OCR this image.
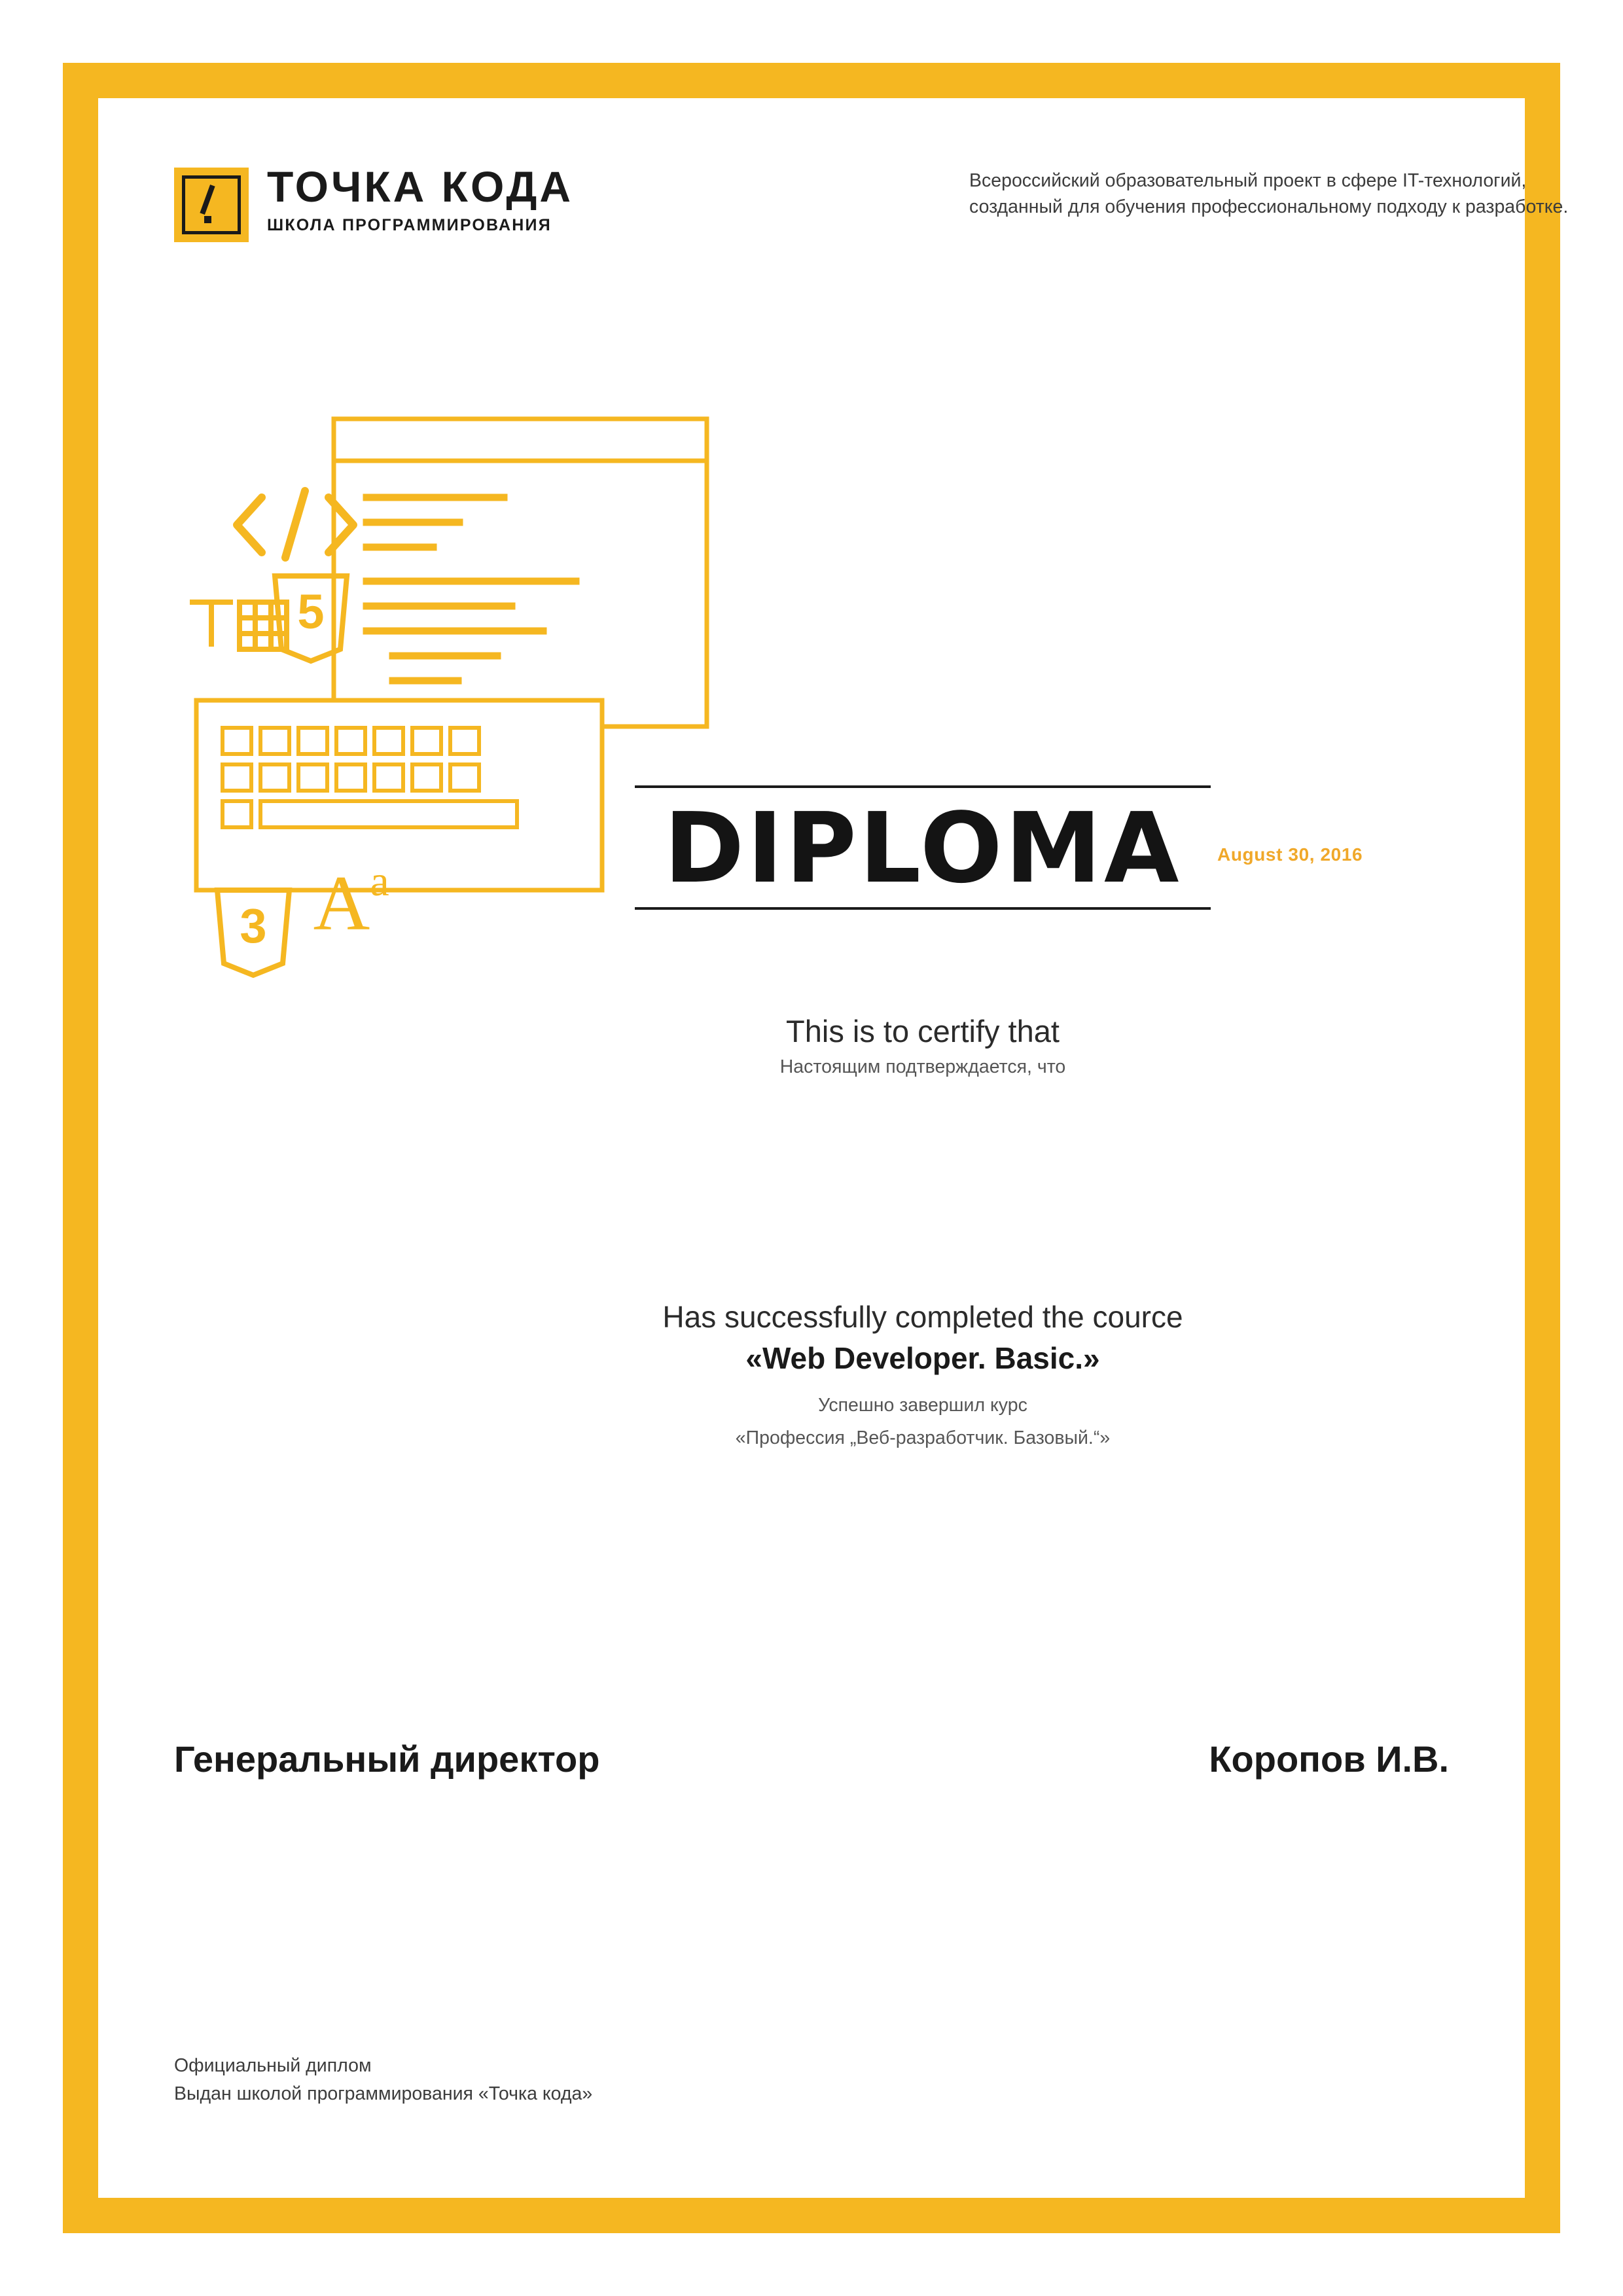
ТОЧКА КОДА
ШКОЛА ПРОГРАММИРОВАНИЯ
Всероссийский образовательный проект в сфере IT-технологий, созданный для обучения профессиональному подходу к разработке.
5
3 A a	DIPLOMA	August 30, 2016
This is to certify that
Настоящим подтверждается, что
Has successfully completed the cource
«Web Developer. Basic.»
Успешно завершил курс
«Профессия „Веб-разработчик. Базовый.“»
Генеральный директор	Коропов И.В.
Официальный диплом
Выдан школой программирования «Точка кода»
